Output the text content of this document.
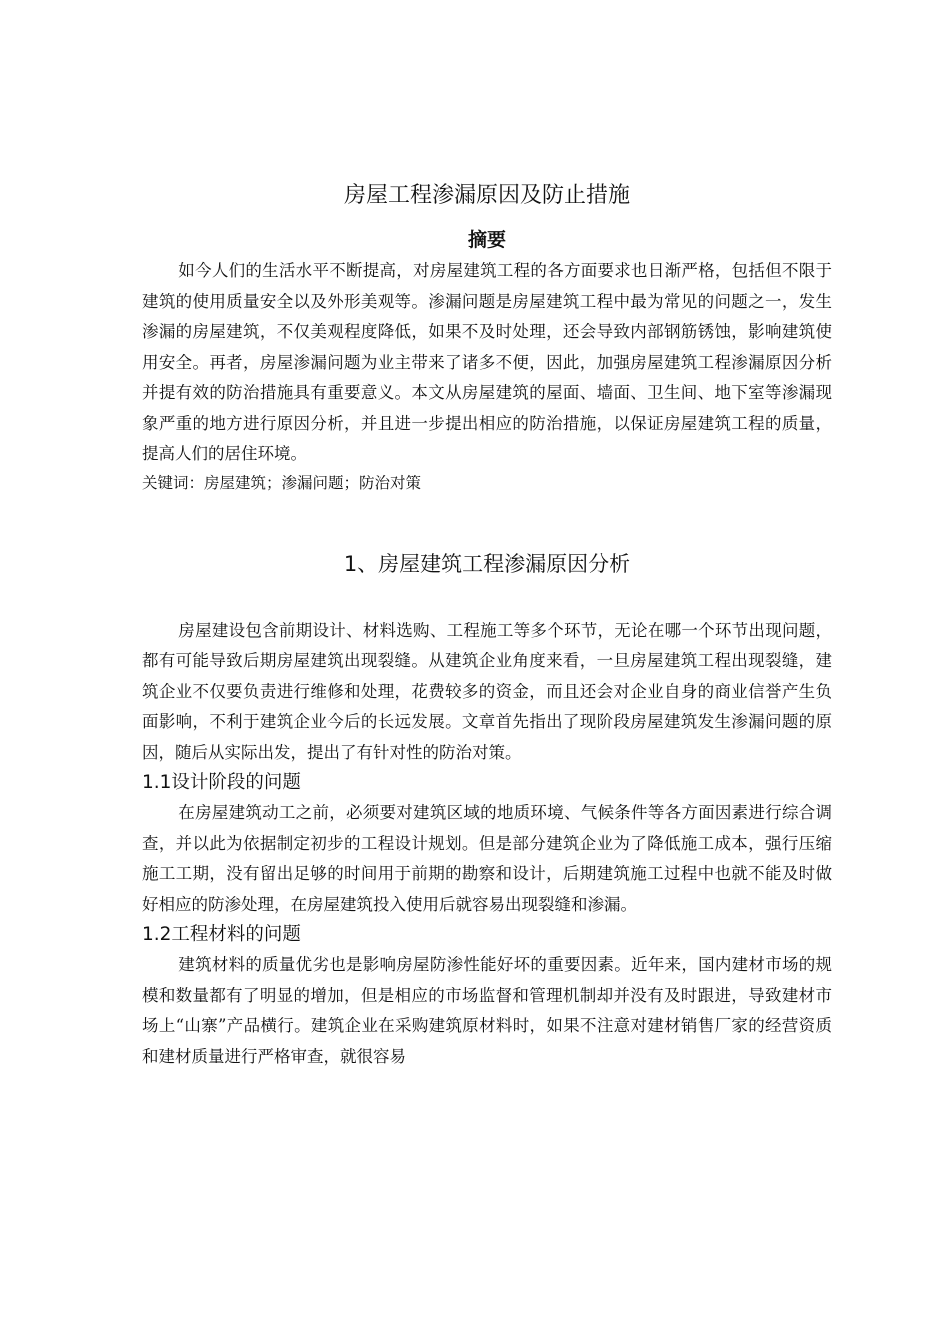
房屋工程渗漏原因及防止措施
摘要

如今人们的生活水平不断提高，对房屋建筑工程的各方面要求也日渐严格，包括但不限于建筑的使用质量安全以及外形美观等。渗漏问题是房屋建筑工程中最为常见的问题之一，发生渗漏的房屋建筑，不仅美观程度降低，如果不及时处理，还会导致内部钢筋锈蚀，影响建筑使用安全。再者，房屋渗漏问题为业主带来了诸多不便，因此，加强房屋建筑工程渗漏原因分析并提有效的防治措施具有重要意义。本文从房屋建筑的屋面、墙面、卫生间、地下室等渗漏现象严重的地方进行原因分析，并且进一步提出相应的防治措施，以保证房屋建筑工程的质量，提高人们的居住环境。

关键词：房屋建筑；渗漏问题；防治对策

1、房屋建筑工程渗漏原因分析

房屋建设包含前期设计、材料选购、工程施工等多个环节，无论在哪一个环节出现问题，都有可能导致后期房屋建筑出现裂缝。从建筑企业角度来看，一旦房屋建筑工程出现裂缝，建筑企业不仅要负责进行维修和处理，花费较多的资金，而且还会对企业自身的商业信誉产生负面影响，不利于建筑企业今后的长远发展。文章首先指出了现阶段房屋建筑发生渗漏问题的原因，随后从实际出发，提出了有针对性的防治对策。

1.1设计阶段的问题

在房屋建筑动工之前，必须要对建筑区域的地质环境、气候条件等各方面因素进行综合调查，并以此为依据制定初步的工程设计规划。但是部分建筑企业为了降低施工成本，强行压缩施工工期，没有留出足够的时间用于前期的勘察和设计，后期建筑施工过程中也就不能及时做好相应的防渗处理，在房屋建筑投入使用后就容易出现裂缝和渗漏。

1.2工程材料的问题

建筑材料的质量优劣也是影响房屋防渗性能好坏的重要因素。近年来，国内建材市场的规模和数量都有了明显的增加，但是相应的市场监督和管理机制却并没有及时跟进，导致建材市场上“山寨”产品横行。建筑企业在采购建筑原材料时，如果不注意对建材销售厂家的经营资质和建材质量进行严格审查，就很容易
